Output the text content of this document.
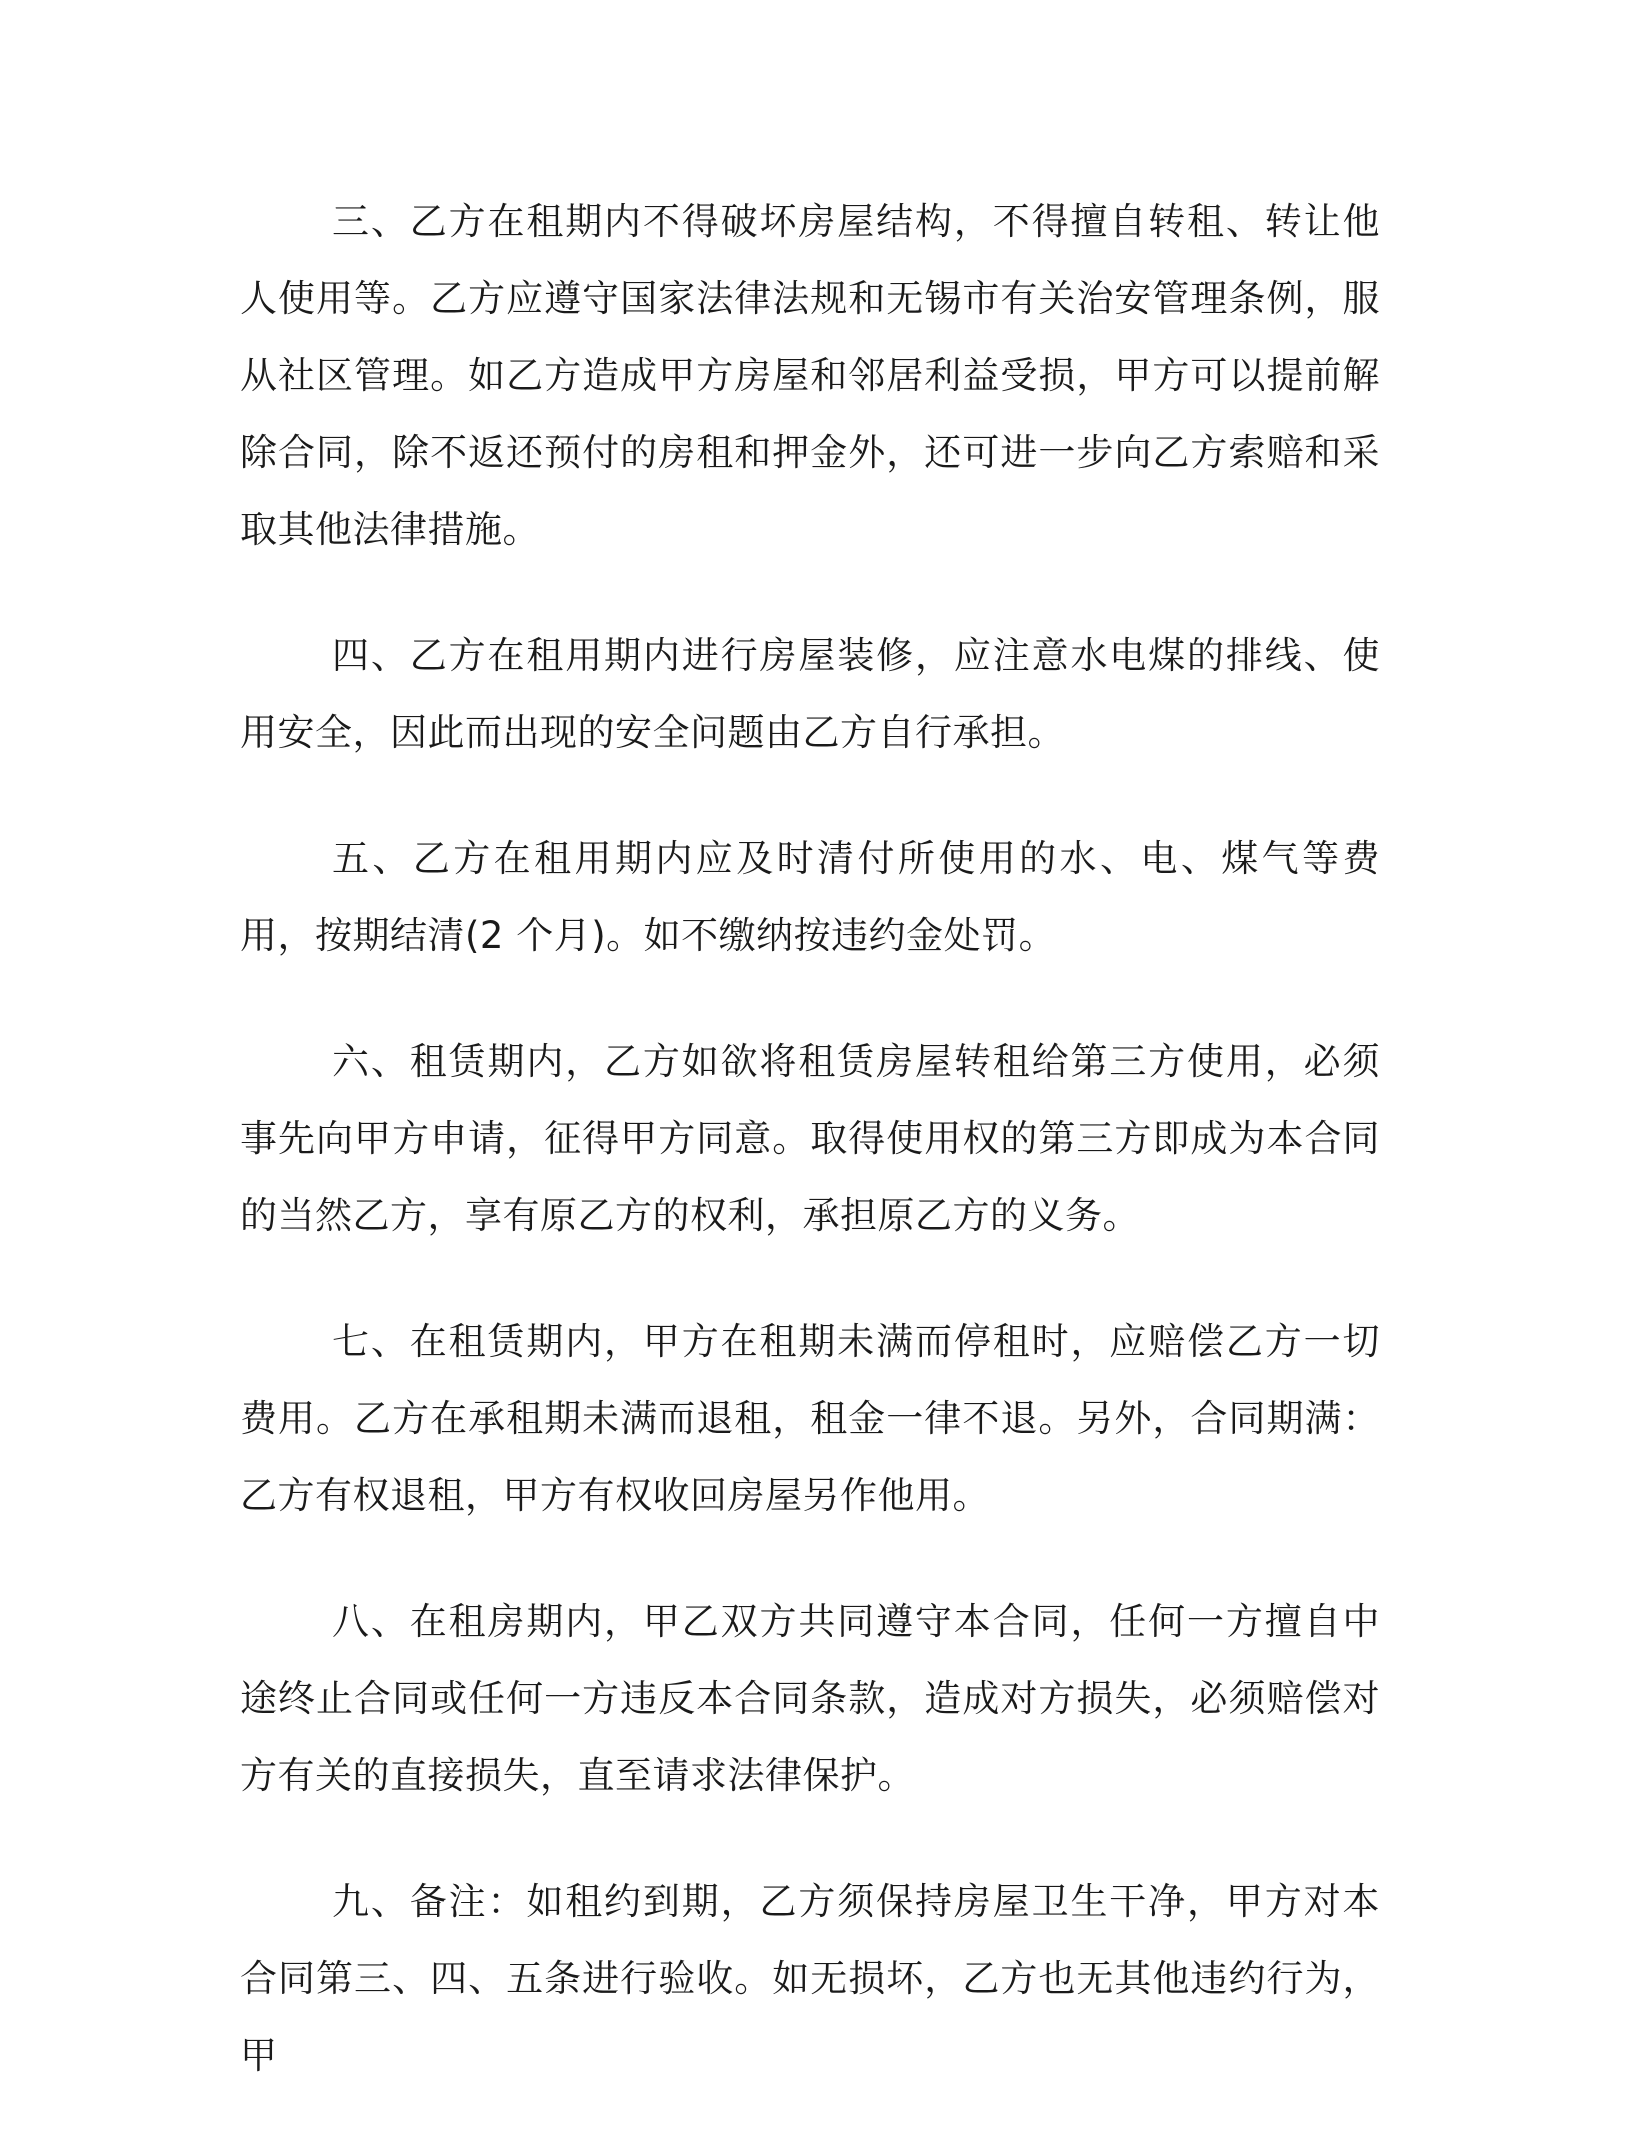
三、乙方在租期内不得破坏房屋结构，不得擅自转租、转让他人使用等。乙方应遵守国家法律法规和无锡市有关治安管理条例，服从社区管理。如乙方造成甲方房屋和邻居利益受损，甲方可以提前解除合同，除不返还预付的房租和押金外，还可进一步向乙方索赔和采取其他法律措施。

四、乙方在租用期内进行房屋装修，应注意水电煤的排线、使用安全，因此而出现的安全问题由乙方自行承担。

五、乙方在租用期内应及时清付所使用的水、电、煤气等费用，按期结清(2 个月)。如不缴纳按违约金处罚。

六、租赁期内，乙方如欲将租赁房屋转租给第三方使用，必须事先向甲方申请，征得甲方同意。取得使用权的第三方即成为本合同的当然乙方，享有原乙方的权利，承担原乙方的义务。

七、在租赁期内，甲方在租期未满而停租时，应赔偿乙方一切费用。乙方在承租期未满而退租，租金一律不退。另外，合同期满：乙方有权退租，甲方有权收回房屋另作他用。

八、在租房期内，甲乙双方共同遵守本合同，任何一方擅自中途终止合同或任何一方违反本合同条款，造成对方损失，必须赔偿对方有关的直接损失，直至请求法律保护。

九、备注：如租约到期，乙方须保持房屋卫生干净，甲方对本合同第三、四、五条进行验收。如无损坏，乙方也无其他违约行为，甲
